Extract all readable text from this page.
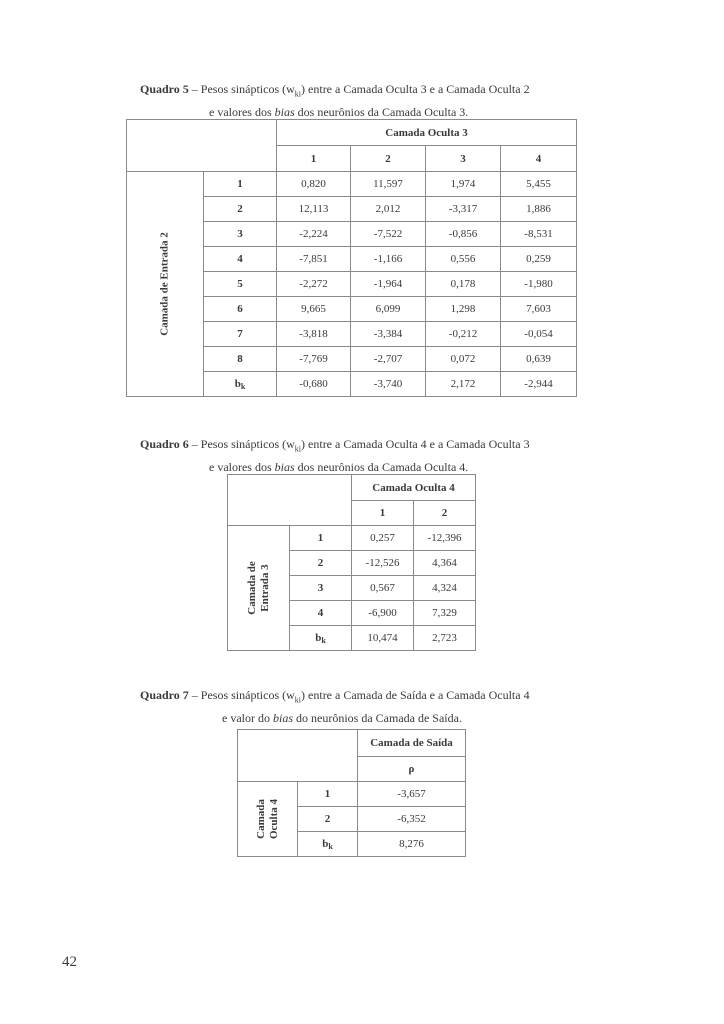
Quadro 5 – Pesos sinápticos $(w_{ki})$ entre a Camada Oculta 3 e a Camada Oculta 2
e valores dos bias dos neurônios da Camada Oculta 3.
		Camada Oculta 3			
		1	2	3	4

Camada de Entrada 2	1	0,820	11,597	1,974	5,455
	2	12,113	2,012	-3,317	1,886
	3	-2,224	-7,522	-0,856	-8,531
	4	-7,851	-1,166	0,556	0,259
	5	-2,272	-1,964	0,178	-1,980
	6	9,665	6,099	1,298	7,603
	7	-3,818	-3,384	-0,212	-0,054
	8	-7,769	-2,707	0,072	0,639
	$b_k$	-0,680	-3,740	2,172	-2,944
Quadro 6 – Pesos sinápticos $(w_{ki})$ entre a Camada Oculta 4 e a Camada Oculta 3
e valores dos bias dos neurônios da Camada Oculta 4.
		Camada Oculta 4	
		1	2

Camada de Entrada 3	1	0,257	-12,396
	2	-12,526	4,364
	3	0,567	4,324
	4	-6,900	7,329
	$b_k$	10,474	2,723
Quadro 7 – Pesos sinápticos $(w_{ki})$ entre a Camada de Saída e a Camada Oculta 4
e valor do bias do neurônios da Camada de Saída.
		Camada de Saída
		ρ

Camada Oculta 4	1	-3,657
	2	-6,352
	$b_k$	8,276
42
